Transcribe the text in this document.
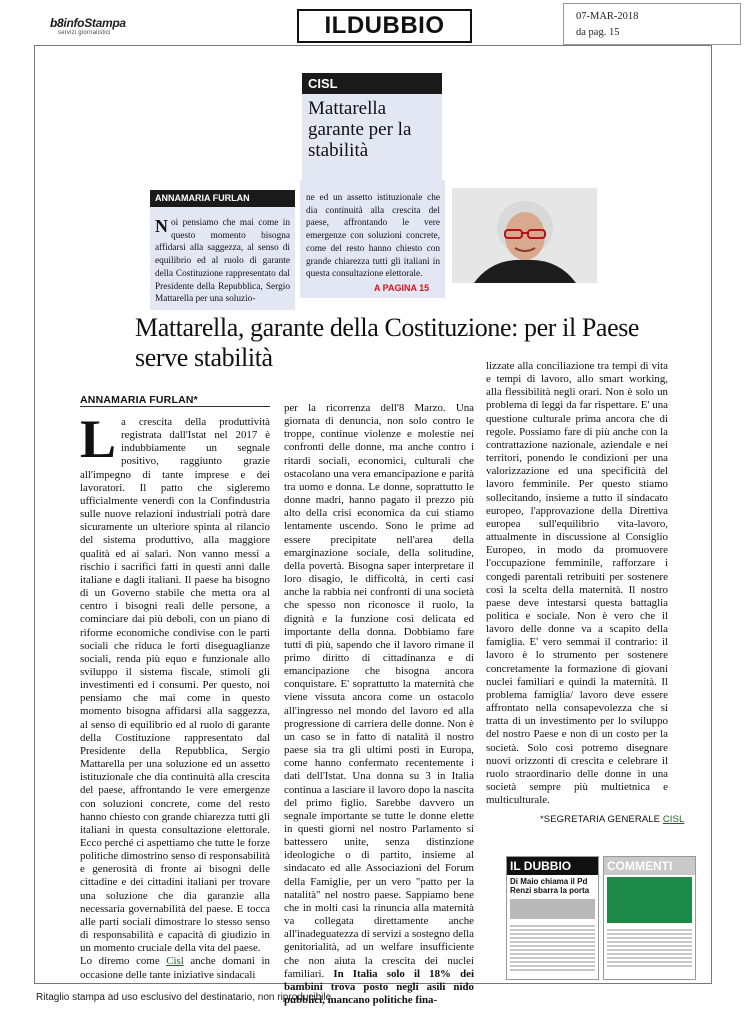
b8infoStampa
servizi giornalistici	ILDUBBIO	07-MAR-2018
da pag. 15
CISL
Mattarella garante per la stabilità
ANNAMARIA FURLAN
Noi pensiamo che mai come in questo momento bisogna affidarsi alla saggezza, al senso di equilibrio ed al ruolo di garante della Costituzione rappresentato dal Presidente della Repubblica, Sergio Mattarella per una soluzio-
ne ed un assetto istituzionale che dia continuità alla crescita del paese, affrontando le vere emergenze con soluzioni concrete, come del resto hanno chiesto con grande chiarezza tutti gli italiani in questa consultazione elettorale.
A PAGINA 15
Mattarella, garante della Costituzione: per il Paese serve stabilità
ANNAMARIA FURLAN*
La crescita della produttività registrata dall'Istat nel 2017 è indubbiamente un segnale positivo, raggiunto grazie all'impegno di tante imprese e dei lavoratori. Il patto che sigleremo ufficialmente venerdì con la Confindustria sulle nuove relazioni industriali potrà dare sicuramente un ulteriore spinta al rilancio del sistema produttivo, alla maggiore qualità ed ai salari. Non vanno messi a rischio i sacrifici fatti in questi anni dalle italiane e dagli italiani. Il paese ha bisogno di un Governo stabile che metta ora al centro i bisogni reali delle persone, a cominciare dai più deboli, con un piano di riforme economiche condivise con le parti sociali che riduca le forti diseguaglianze sociali, renda più equo e funzionale allo sviluppo il sistema fiscale, stimoli gli investimenti ed i consumi. Per questo, noi pensiamo che mai come in questo momento bisogna affidarsi alla saggezza, al senso di equilibrio ed al ruolo di garante della Costituzione rappresentato dal Presidente della Repubblica, Sergio Mattarella per una soluzione ed un assetto istituzionale che dia continuità alla crescita del paese, affrontando le vere emergenze con soluzioni concrete, come del resto hanno chiesto con grande chiarezza tutti gli italiani in questa consultazione elettorale. Ecco perché ci aspettiamo che tutte le forze politiche dimostrino senso di responsabilità e generosità di fronte ai bisogni delle cittadine e dei cittadini italiani per trovare una soluzione che dia garanzie alla necessaria governabilità del paese. E tocca alle parti sociali dimostrare lo stesso senso di responsabilità e capacità di giudizio in un momento cruciale della vita del paese.
Lo diremo come Cisl anche domani in occasione delle tante iniziative sindacali
per la ricorrenza dell'8 Marzo. Una giornata di denuncia, non solo contro le troppe, continue violenze e molestie nei confronti delle donne, ma anche contro i ritardi sociali, economici, culturali che ostacolano una vera emancipazione e parità tra uomo e donna. Le donne, soprattutto le donne madri, hanno pagato il prezzo più alto della crisi economica da cui stiamo lentamente uscendo. Sono le prime ad essere precipitate nell'area della emarginazione sociale, della solitudine, della povertà. Bisogna saper interpretare il loro disagio, le difficoltà, in certi casi anche la rabbia nei confronti di una società che spesso non riconosce il ruolo, la dignità e la funzione così delicata ed importante della donna. Dobbiamo fare tutti di più, sapendo che il lavoro rimane il primo diritto di cittadinanza e di emancipazione che bisogna ancora conquistare. E' soprattutto la maternità che viene vissuta ancora come un ostacolo all'ingresso nel mondo del lavoro ed alla progressione di carriera delle donne. Non è un caso se in fatto di natalità il nostro paese sia tra gli ultimi posti in Europa, come hanno confermato recentemente i dati dell'Istat. Una donna su 3 in Italia continua a lasciare il lavoro dopo la nascita del primo figlio. Sarebbe davvero un segnale importante se tutte le donne elette in questi giorni nel nostro Parlamento si battessero unite, senza distinzione ideologiche o di partito, insieme al sindacato ed alle Associazioni del Forum della Famiglie, per un vero "patto per la natalità" nel nostro paese. Sappiamo bene che in molti casi la rinuncia alla maternità va collegata direttamente anche all'inadeguatezza di servizi a sostegno della genitorialità, ad un welfare insufficiente che non aiuta la crescita dei nuclei familiari. In Italia solo il 18% dei bambini trova posto negli asili nido pubblici, mancano politiche fina-
lizzate alla conciliazione tra tempi di vita e tempi di lavoro, allo smart working, alla flessibilità negli orari. Non è solo un problema di leggi da far rispettare. E' una questione culturale prima ancora che di regole. Possiamo fare di più anche con la contrattazione nazionale, aziendale e nei territori, ponendo le condizioni per una valorizzazione ed una specificità del lavoro femminile. Per questo stiamo sollecitando, insieme a tutto il sindacato europeo, l'approvazione della Direttiva europea sull'equilibrio vita-lavoro, attualmente in discussione al Consiglio Europeo, in modo da promuovere l'occupazione femminile, rafforzare i congedi parentali retribuiti per sostenere così la scelta della maternità. Il nostro paese deve intestarsi questa battaglia politica e sociale. Non è vero che il lavoro delle donne va a scapito della famiglia. E' vero semmai il contrario: il lavoro è lo strumento per sostenere concretamente la formazione di giovani nuclei familiari e quindi la maternità. Il problema famiglia/ lavoro deve essere affrontato nella consapevolezza che si tratta di un investimento per lo sviluppo del nostro Paese e non di un costo per la società. Solo così potremo disegnare nuovi orizzonti di crescita e celebrare il ruolo straordinario delle donne in una società sempre più multietnica e multiculturale.
*SEGRETARIA GENERALE CISL
IL DUBBIO
Di Maio chiama il Pd Renzi sbarra la porta
COMMENTI
Ritaglio stampa ad uso esclusivo del destinatario, non riproducibile.
